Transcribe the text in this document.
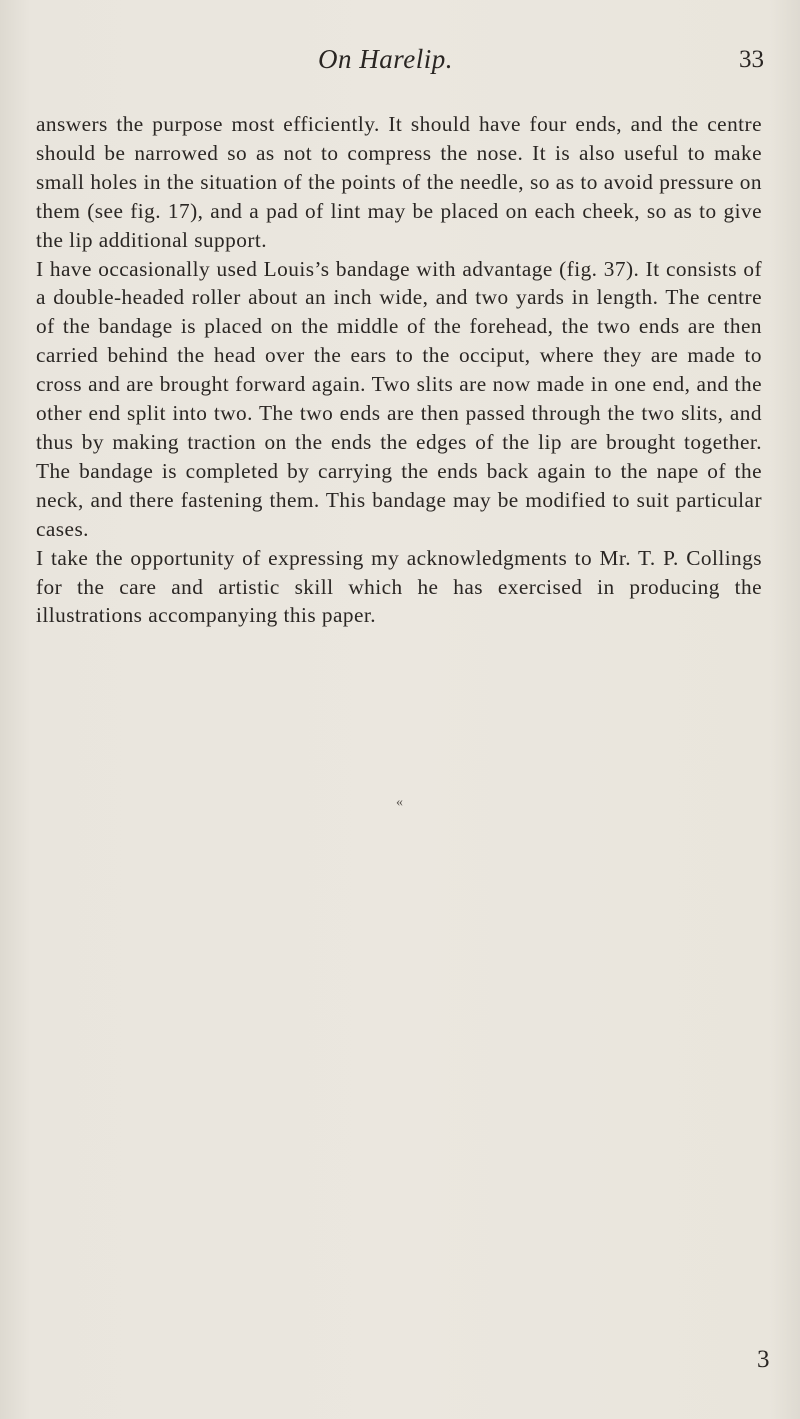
On Harelip.	33

answers the purpose most efficiently. It should have four ends, and the centre should be narrowed so as not to compress the nose. It is also useful to make small holes in the situation of the points of the needle, so as to avoid pressure on them (see fig. 17), and a pad of lint may be placed on each cheek, so as to give the lip additional support.

I have occasionally used Louis’s bandage with advantage (fig. 37). It consists of a double-headed roller about an inch wide, and two yards in length. The centre of the bandage is placed on the middle of the forehead, the two ends are then carried behind the head over the ears to the occiput, where they are made to cross and are brought forward again. Two slits are now made in one end, and the other end split into two. The two ends are then passed through the two slits, and thus by making traction on the ends the edges of the lip are brought together. The bandage is completed by carrying the ends back again to the nape of the neck, and there fastening them. This bandage may be modified to suit particular cases.

I take the opportunity of expressing my acknowledgments to Mr. T. P. Collings for the care and artistic skill which he has exercised in producing the illustrations accompanying this paper.

«
3
